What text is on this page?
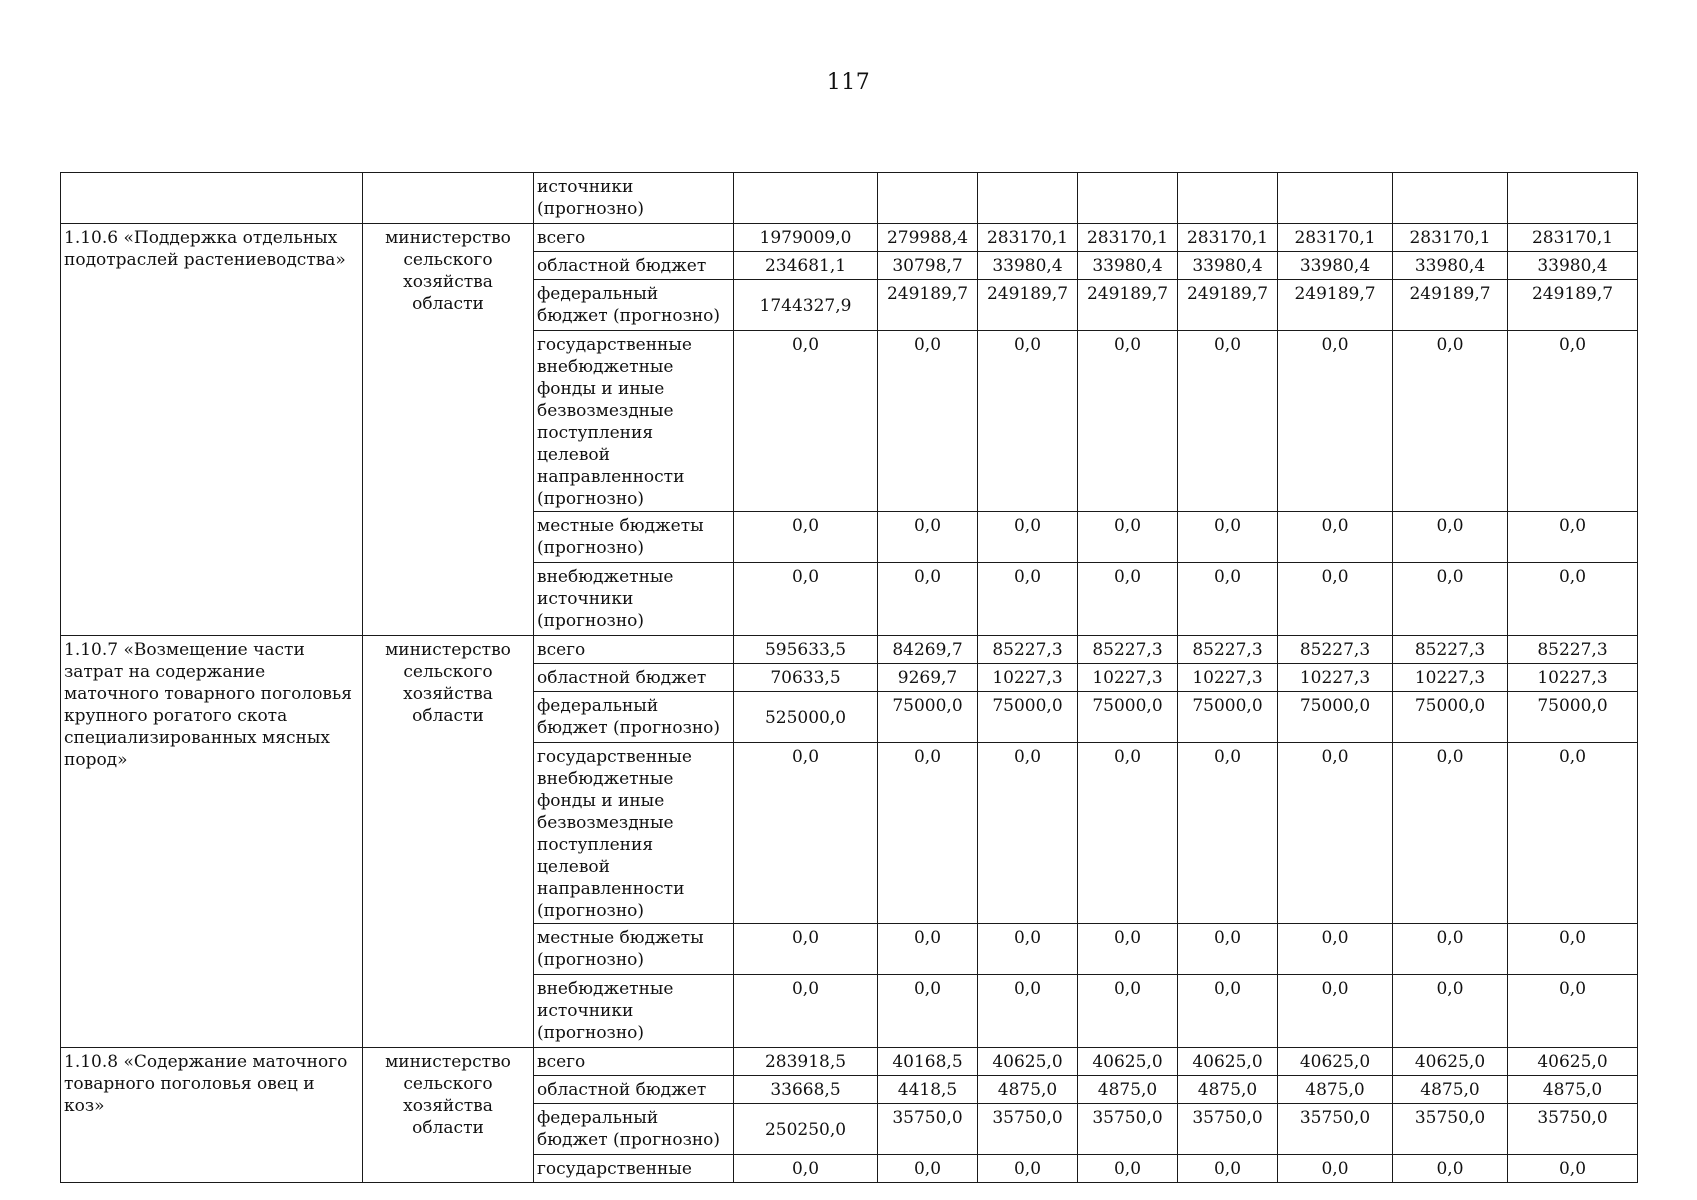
117
		источники
(прогнозно)								
1.10.6 «Поддержка отдельных подотраслей растениеводства»	министерство сельского хозяйства области	всего	1979009,0	279988,4	283170,1	283170,1	283170,1	283170,1	283170,1	283170,1
		областной бюджет	234681,1	30798,7	33980,4	33980,4	33980,4	33980,4	33980,4	33980,4
		федеральный бюджет (прогнозно)	1744327,9	249189,7	249189,7	249189,7	249189,7	249189,7	249189,7	249189,7
		государственные внебюджетные фонды и иные безвозмездные поступления целевой направленности (прогнозно)	0,0	0,0	0,0	0,0	0,0	0,0	0,0	0,0
		местные бюджеты (прогнозно)	0,0	0,0	0,0	0,0	0,0	0,0	0,0	0,0
		внебюджетные источники (прогнозно)	0,0	0,0	0,0	0,0	0,0	0,0	0,0	0,0
1.10.7 «Возмещение части затрат на содержание маточного товарного поголовья крупного рогатого скота специализированных мясных пород»	министерство сельского хозяйства области	всего	595633,5	84269,7	85227,3	85227,3	85227,3	85227,3	85227,3	85227,3
		областной бюджет	70633,5	9269,7	10227,3	10227,3	10227,3	10227,3	10227,3	10227,3
		федеральный бюджет (прогнозно)	525000,0	75000,0	75000,0	75000,0	75000,0	75000,0	75000,0	75000,0
		государственные внебюджетные фонды и иные безвозмездные поступления целевой направленности (прогнозно)	0,0	0,0	0,0	0,0	0,0	0,0	0,0	0,0
		местные бюджеты (прогнозно)	0,0	0,0	0,0	0,0	0,0	0,0	0,0	0,0
		внебюджетные источники (прогнозно)	0,0	0,0	0,0	0,0	0,0	0,0	0,0	0,0
1.10.8 «Содержание маточного товарного поголовья овец и коз»	министерство сельского хозяйства области	всего	283918,5	40168,5	40625,0	40625,0	40625,0	40625,0	40625,0	40625,0
		областной бюджет	33668,5	4418,5	4875,0	4875,0	4875,0	4875,0	4875,0	4875,0
		федеральный бюджет (прогнозно)	250250,0	35750,0	35750,0	35750,0	35750,0	35750,0	35750,0	35750,0
		государственные	0,0	0,0	0,0	0,0	0,0	0,0	0,0	0,0
